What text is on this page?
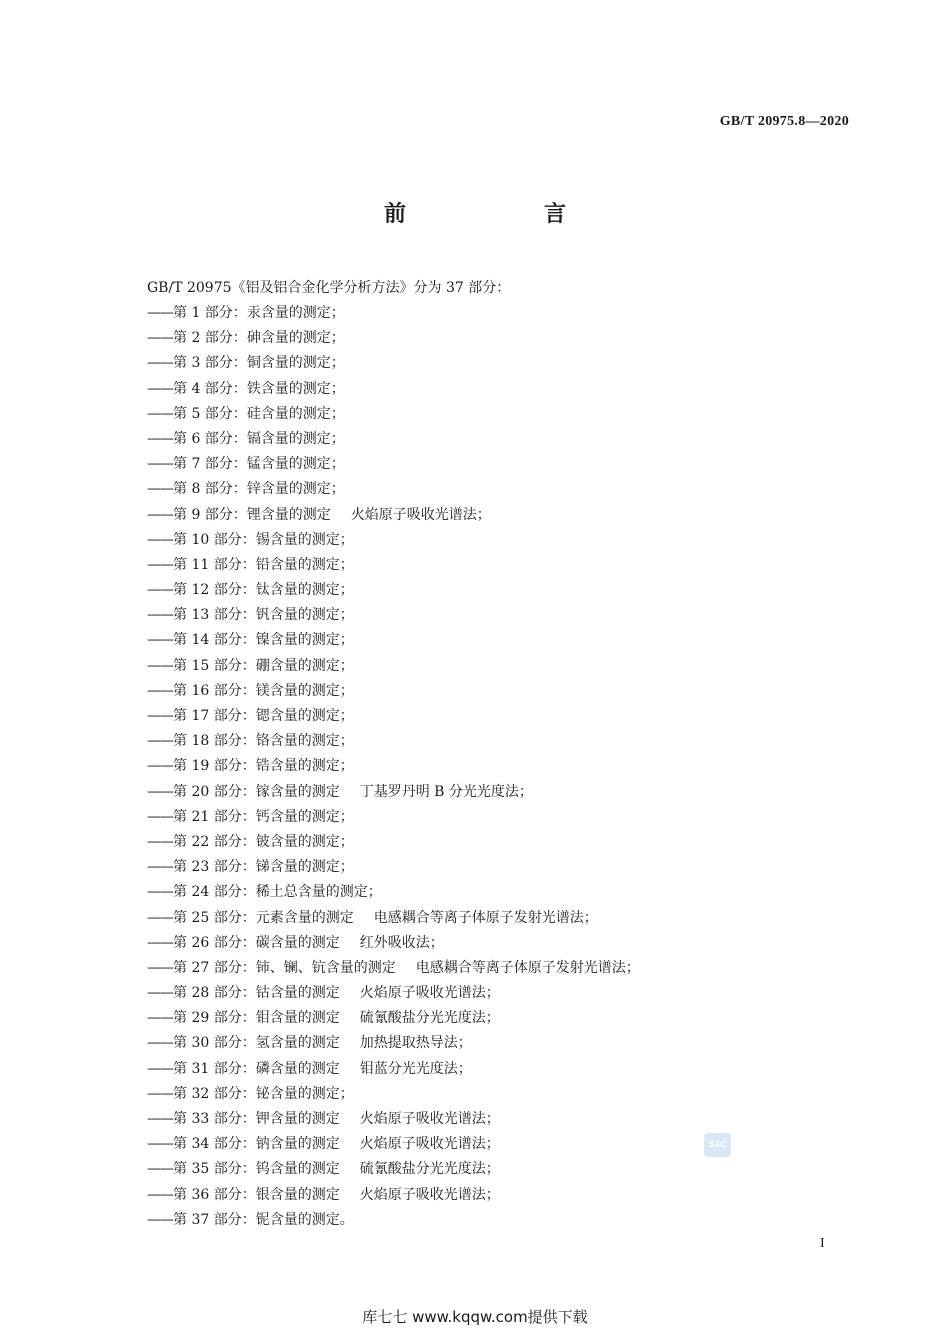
GB/T 20975.8—2020
前　言
GB/T 20975《铝及铝合金化学分析方法》分为 37 部分：
——第 1 部分：汞含量的测定；
——第 2 部分：砷含量的测定；
——第 3 部分：铜含量的测定；
——第 4 部分：铁含量的测定；
——第 5 部分：硅含量的测定；
——第 6 部分：镉含量的测定；
——第 7 部分：锰含量的测定；
——第 8 部分：锌含量的测定；
——第 9 部分：锂含量的测定 火焰原子吸收光谱法；
——第 10 部分：锡含量的测定；
——第 11 部分：铅含量的测定；
——第 12 部分：钛含量的测定；
——第 13 部分：钒含量的测定；
——第 14 部分：镍含量的测定；
——第 15 部分：硼含量的测定；
——第 16 部分：镁含量的测定；
——第 17 部分：锶含量的测定；
——第 18 部分：铬含量的测定；
——第 19 部分：锆含量的测定；
——第 20 部分：镓含量的测定 丁基罗丹明 B 分光光度法；
——第 21 部分：钙含量的测定；
——第 22 部分：铍含量的测定；
——第 23 部分：锑含量的测定；
——第 24 部分：稀土总含量的测定；
——第 25 部分：元素含量的测定 电感耦合等离子体原子发射光谱法；
——第 26 部分：碳含量的测定 红外吸收法；
——第 27 部分：铈、镧、钪含量的测定 电感耦合等离子体原子发射光谱法；
——第 28 部分：钴含量的测定 火焰原子吸收光谱法；
——第 29 部分：钼含量的测定 硫氰酸盐分光光度法；
——第 30 部分：氢含量的测定 加热提取热导法；
——第 31 部分：磷含量的测定 钼蓝分光光度法；
——第 32 部分：铋含量的测定；
——第 33 部分：钾含量的测定 火焰原子吸收光谱法；
——第 34 部分：钠含量的测定 火焰原子吸收光谱法；
——第 35 部分：钨含量的测定 硫氰酸盐分光光度法；
——第 36 部分：银含量的测定 火焰原子吸收光谱法；
——第 37 部分：铌含量的测定。
SAC
I
库七七 www.kqqw.com提供下载
